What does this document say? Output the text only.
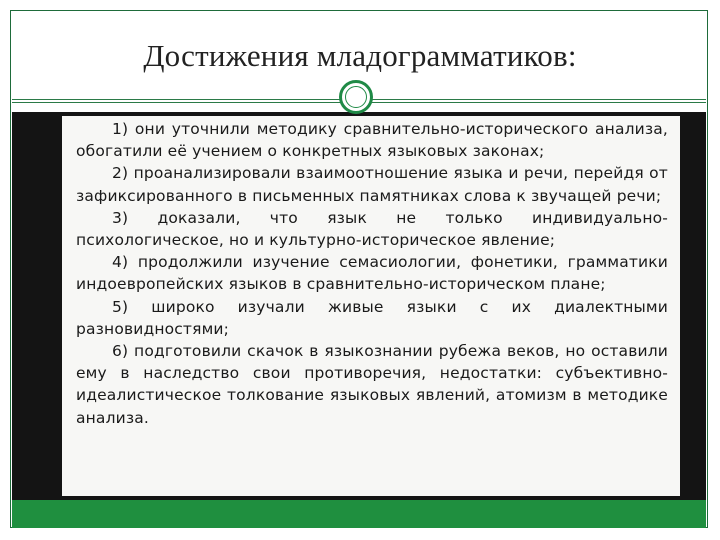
Достижения младограмматиков:

1) они уточнили методику сравнительно-исторического анализа, обогатили её учением о конкретных языковых законах;

2) проанализировали взаимоотношение языка и речи, перейдя от зафиксированного в письменных памятниках слова к звучащей речи;

3) доказали, что язык не только индивидуально-психологическое, но и культурно-историческое явление;

4) продолжили изучение семасиологии, фонетики, грамматики индоевропейских языков в сравнительно-историческом плане;

5) широко изучали живые языки с их диалектными разновидностями;

6) подготовили скачок в языкознании рубежа веков, но оставили ему в наследство свои противоречия, недостатки: субъективно-идеалистическое толкование языковых явлений, атомизм в методике анализа.
